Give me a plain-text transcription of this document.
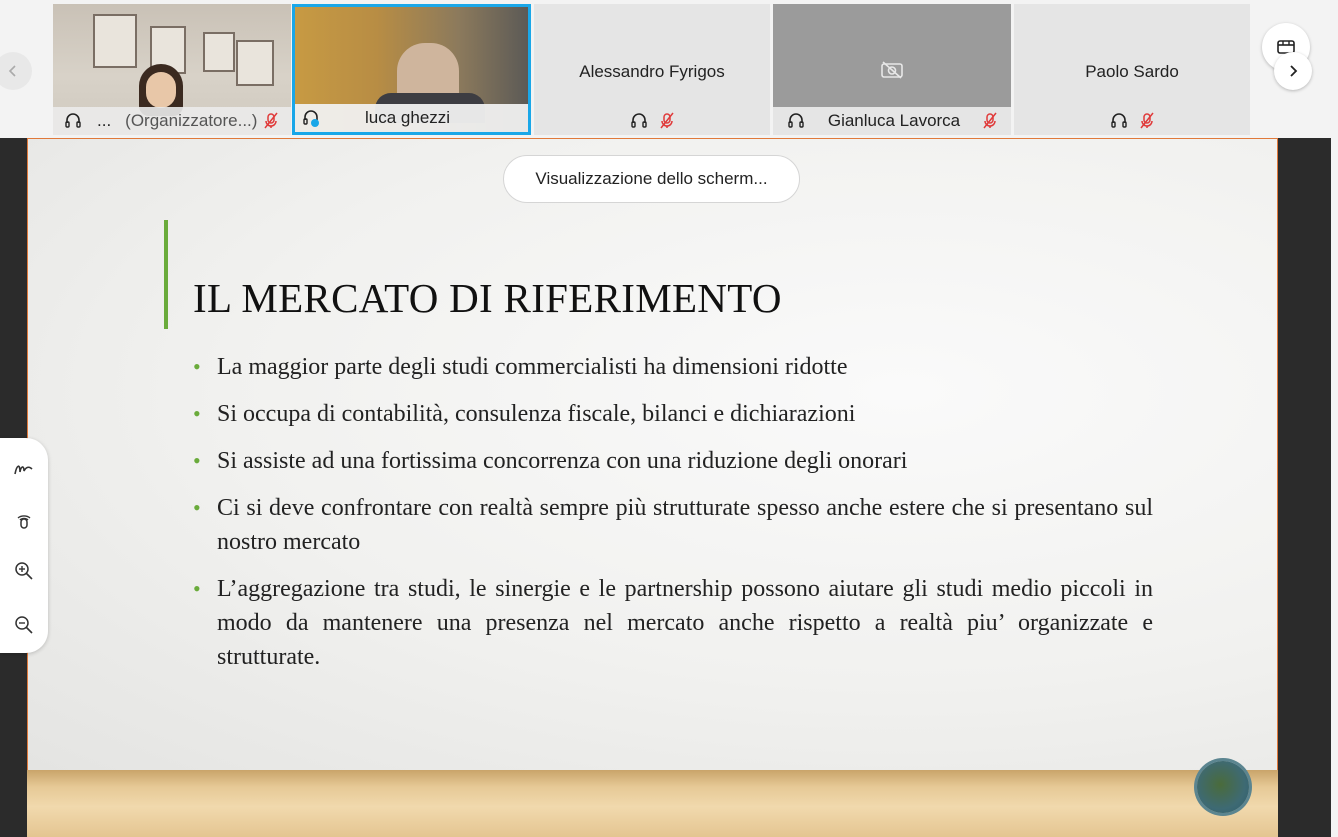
... (Organizzatore...)	luca ghezzi
Alessandro Fyrigos
Gianluca Lavorca
Paolo Sardo
Visualizzazione dello scherm...
IL MERCATO DI RIFERIMENTO
• La maggior parte degli studi commercialisti ha dimensioni ridotte
• Si occupa di contabilità, consulenza fiscale, bilanci e dichiarazioni
• Si assiste ad una fortissima concorrenza con una riduzione degli onorari
• Ci si deve confrontare con realtà sempre più strutturate spesso anche estere che si presentano sul nostro mercato
• L’aggregazione tra studi, le sinergie e le partnership possono aiutare gli studi medio piccoli in modo da mantenere una presenza nel mercato anche rispetto a realtà piu’ organizzate e strutturate.
